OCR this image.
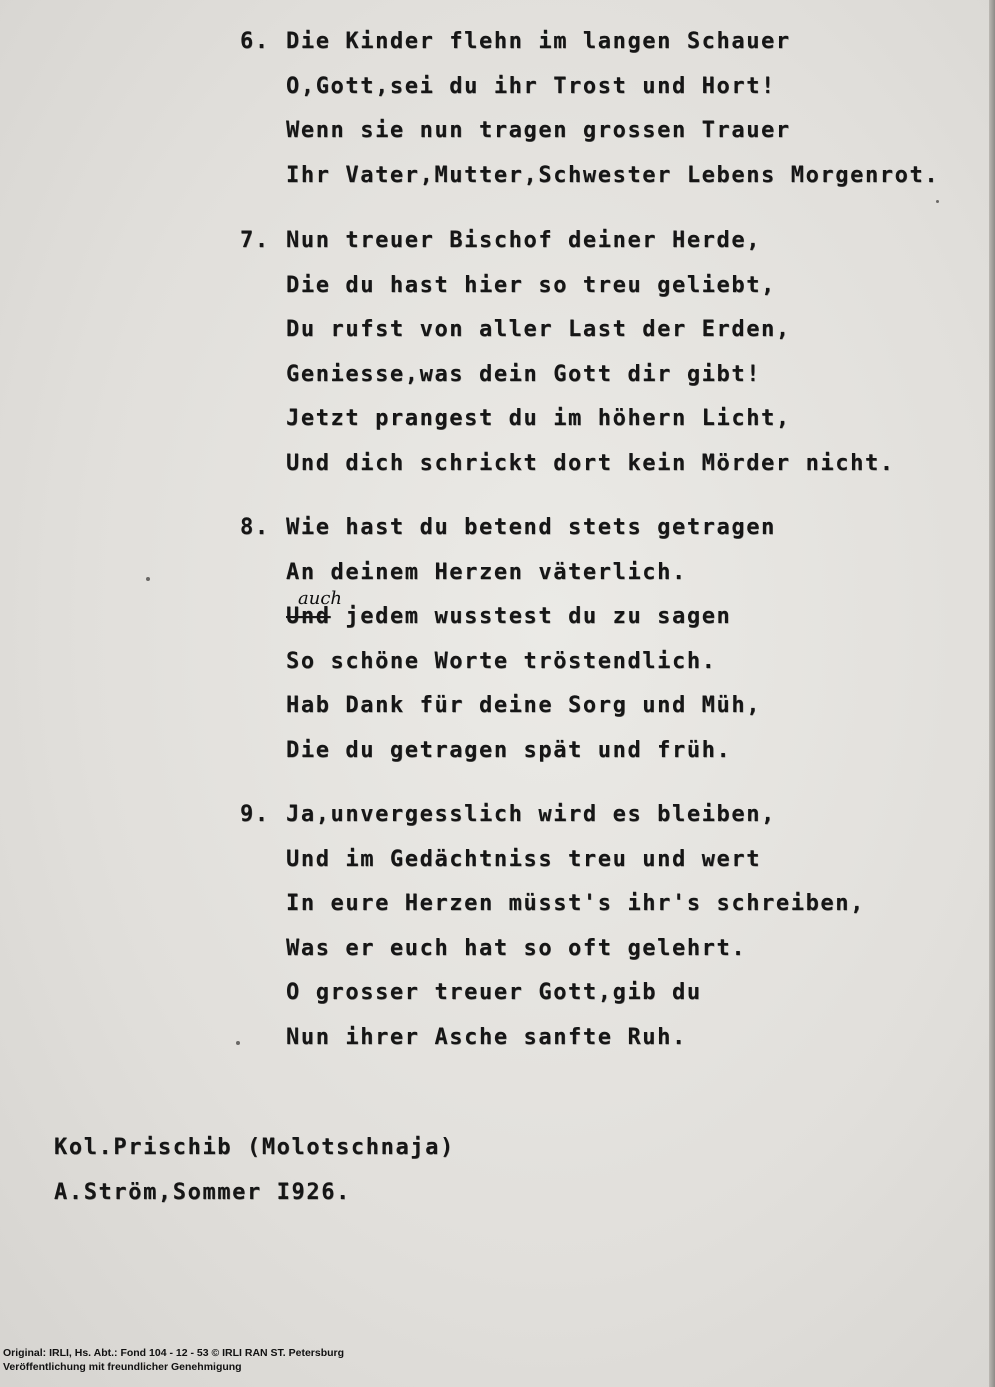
6. Die Kinder flehn im langen Schauer
O,Gott,sei du ihr Trost und Hort!
Wenn sie nun tragen grossen Trauer
Ihr Vater,Mutter,Schwester Lebens Morgenrot.
7. Nun treuer Bischof deiner Herde,
Die du hast hier so treu geliebt,
Du rufst von aller Last der Erden,
Geniesse,was dein Gott dir gibt!
Jetzt prangest du im höhern Licht,
Und dich schrickt dort kein Mörder nicht.
8. Wie hast du betend stets getragen
An deinem Herzen väterlich.
Und
auch
jedem wusstest du zu sagen
So schöne Worte tröstendlich.
Hab Dank für deine Sorg und Müh,
Die du getragen spät und früh.
9. Ja,unvergesslich wird es bleiben,
Und im Gedächtniss treu und wert
In eure Herzen müsst's ihr's schreiben,
Was er euch hat so oft gelehrt.
O grosser treuer Gott,gib du
Nun ihrer Asche sanfte Ruh.
Kol.Prischib (Molotschnaja)
A.Ström,Sommer I926.
Original: IRLI, Hs. Abt.: Fond 104 - 12 - 53 © IRLI RAN ST. Petersburg
Veröffentlichung mit freundlicher Genehmigung
